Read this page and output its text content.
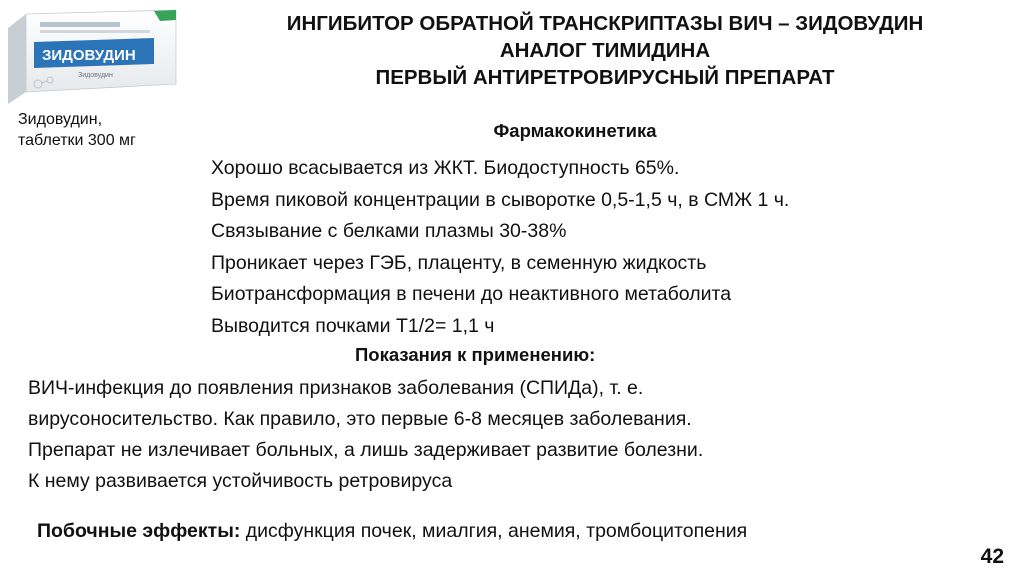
ЗИДОВУДИН
Зидовудин
Зидовудин,
таблетки 300 мг
ИНГИБИТОР ОБРАТНОЙ ТРАНСКРИПТАЗЫ ВИЧ – ЗИДОВУДИН
АНАЛОГ ТИМИДИНА
ПЕРВЫЙ АНТИРЕТРОВИРУСНЫЙ ПРЕПАРАТ
Фармакокинетика
Хорошо всасывается из ЖКТ. Биодоступность 65%.
Время пиковой концентрации в сыворотке 0,5-1,5 ч, в СМЖ 1 ч.
Связывание с белками плазмы 30-38%
Проникает через ГЭБ, плаценту, в семенную жидкость
Биотрансформация в печени до неактивного метаболита
Выводится почками Т1/2= 1,1 ч
Показания к применению:
ВИЧ-инфекция до появления признаков заболевания (СПИДа), т. е.
вирусоносительство. Как правило, это первые 6-8 месяцев заболевания.
Препарат не излечивает больных, а лишь задерживает развитие болезни.
К нему развивается устойчивость ретровируса
Побочные эффекты: дисфункция почек, миалгия, анемия, тромбоцитопения
42
